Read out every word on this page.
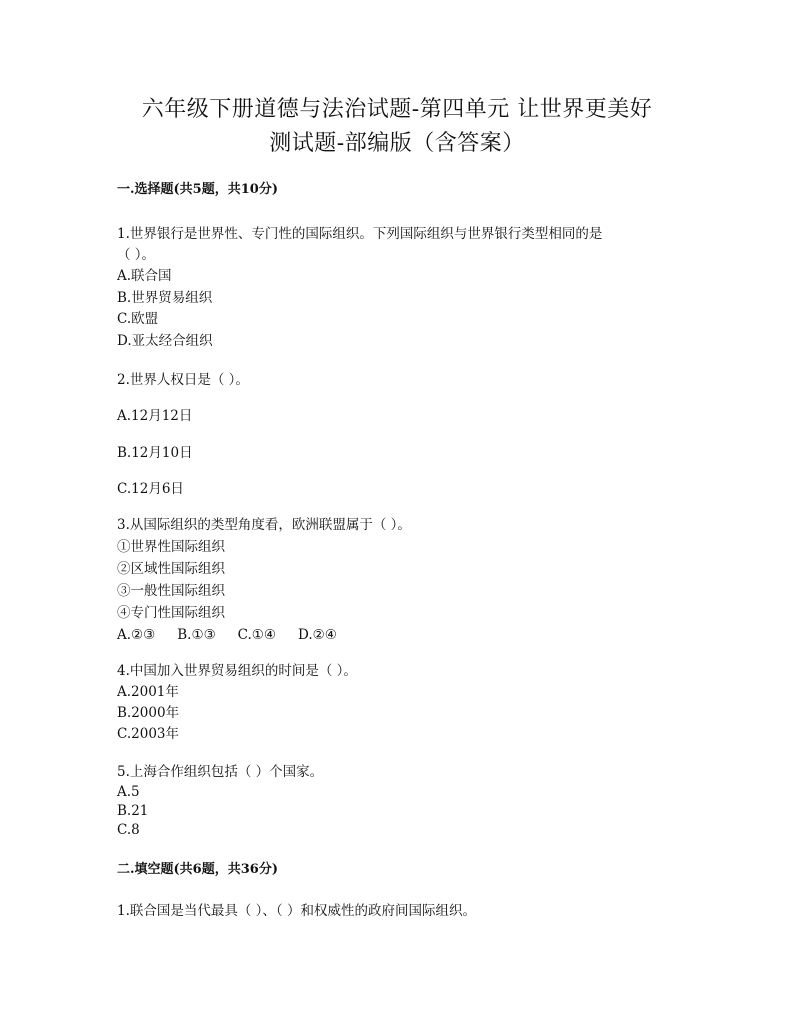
六年级下册道德与法治试题-第四单元 让世界更美好
测试题-部编版（含答案）
一.选择题(共5题，共10分)
1.世界银行是世界性、专门性的国际组织。下列国际组织与世界银行类型相同的是
（ ）。
A.联合国
B.世界贸易组织
C.欧盟
D.亚太经合组织
2.世界人权日是（ ）。
A.12月12日
B.12月10日
C.12月6日
3.从国际组织的类型角度看，欧洲联盟属于（ ）。
①世界性国际组织
②区域性国际组织
③一般性国际组织
④专门性国际组织
A.②③ B.①③ C.①④ D.②④
4.中国加入世界贸易组织的时间是（ ）。
A.2001年
B.2000年
C.2003年
5.上海合作组织包括（ ）个国家。
A.5
B.21
C.8
二.填空题(共6题，共36分)
1.联合国是当代最具（ ）、（ ）和权威性的政府间国际组织。
